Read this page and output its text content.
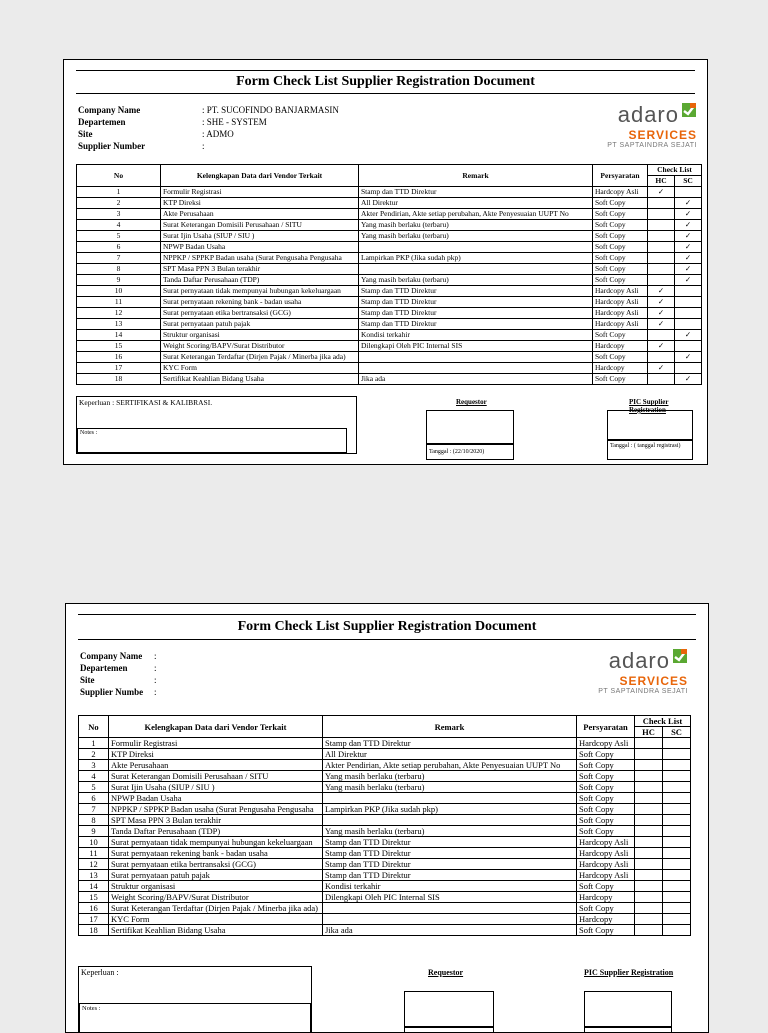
Form Check List Supplier Registration Document
Company Name	: PT. SUCOFINDO BANJARMASIN
Departemen	: SHE - SYSTEM
Site	: ADMO
Supplier Number	:
adaro
SERVICES
PT SAPTAINDRA SEJATI
No	Kelengkapan Data dari Vendor Terkait	Remark	Persyaratan	Check List	
				HC	SC
1	Formulir Registrasi	Stamp dan TTD Direktur	Hardcopy Asli	✓	
2	KTP Direksi	All Direktur	Soft Copy		✓
3	Akte Perusahaan	Akter Pendirian, Akte setiap perubahan, Akte Penyesuaian UUPT No	Soft Copy		✓
4	Surat Keterangan Domisili Perusahaan / SITU	Yang masih berlaku (terbaru)	Soft Copy		✓
5	Surat Ijin Usaha (SIUP / SIU )	Yang masih berlaku (terbaru)	Soft Copy		✓
6	NPWP Badan Usaha		Soft Copy		✓
7	NPPKP / SPPKP Badan usaha (Surat Pengusaha Pengusaha	Lampirkan PKP (Jika sudah pkp)	Soft Copy		✓
8	SPT Masa PPN 3 Bulan terakhir		Soft Copy		✓
9	Tanda Daftar Perusahaan (TDP)	Yang masih berlaku (terbaru)	Soft Copy		✓
10	Surat pernyataan tidak mempunyai hubungan kekeluargaan	Stamp dan TTD Direktur	Hardcopy Asli	✓	
11	Surat pernyataan rekening bank - badan usaha	Stamp dan TTD Direktur	Hardcopy Asli	✓	
12	Surat pernyataan etika bertransaksi (GCG)	Stamp dan TTD Direktur	Hardcopy Asli	✓	
13	Surat pernyataan patuh pajak	Stamp dan TTD Direktur	Hardcopy Asli	✓	
14	Struktur organisasi	Kondisi terkahir	Soft Copy		✓
15	Weight Scoring/BAPV/Surat Distributor	Dilengkapi Oleh PIC Internal SIS	Hardcopy	✓	
16	Surat Keterangan Terdaftar (Dirjen Pajak / Minerba jika ada)		Soft Copy		✓
17	KYC Form		Hardcopy	✓	
18	Sertifikat Keahlian Bidang Usaha	Jika ada	Soft Copy		✓
Keperluan : SERTIFIKASI & KALIBRASI.
Notes :
Requestor
Tanggal : (22/10/2020)
PIC Supplier Registration
Tanggal : ( tanggal registrasi)
Form Check List Supplier Registration Document
Company Name :
Departemen	:
Site	:
Supplier Numbe :
adaro
SERVICES
PT SAPTAINDRA SEJATI
No	Kelengkapan Data dari Vendor Terkait	Remark	Persyaratan	Check List	
				HC	SC
1	Formulir Registrasi	Stamp dan TTD Direktur	Hardcopy Asli		
2	KTP Direksi	All Direktur	Soft Copy		
3	Akte Perusahaan	Akter Pendirian, Akte setiap perubahan, Akte Penyesuaian UUPT No	Soft Copy		
4	Surat Keterangan Domisili Perusahaan / SITU	Yang masih berlaku (terbaru)	Soft Copy		
5	Surat Ijin Usaha (SIUP / SIU )	Yang masih berlaku (terbaru)	Soft Copy		
6	NPWP Badan Usaha		Soft Copy		
7	NPPKP / SPPKP Badan usaha (Surat Pengusaha Pengusaha	Lampirkan PKP (Jika sudah pkp)	Soft Copy		
8	SPT Masa PPN 3 Bulan terakhir		Soft Copy		
9	Tanda Daftar Perusahaan (TDP)	Yang masih berlaku (terbaru)	Soft Copy		
10	Surat pernyataan tidak mempunyai hubungan kekeluargaan	Stamp dan TTD Direktur	Hardcopy Asli		
11	Surat pernyataan rekening bank - badan usaha	Stamp dan TTD Direktur	Hardcopy Asli		
12	Surat pernyataan etika bertransaksi (GCG)	Stamp dan TTD Direktur	Hardcopy Asli		
13	Surat pernyataan patuh pajak	Stamp dan TTD Direktur	Hardcopy Asli		
14	Struktur organisasi	Kondisi terkahir	Soft Copy		
15	Weight Scoring/BAPV/Surat Distributor	Dilengkapi Oleh PIC Internal SIS	Hardcopy		
16	Surat Keterangan Terdaftar (Dirjen Pajak / Minerba jika ada)		Soft Copy		
17	KYC Form		Hardcopy		
18	Sertifikat Keahlian Bidang Usaha	Jika ada	Soft Copy		
Keperluan :
Notes :
Requestor	PIC Supplier Registration
